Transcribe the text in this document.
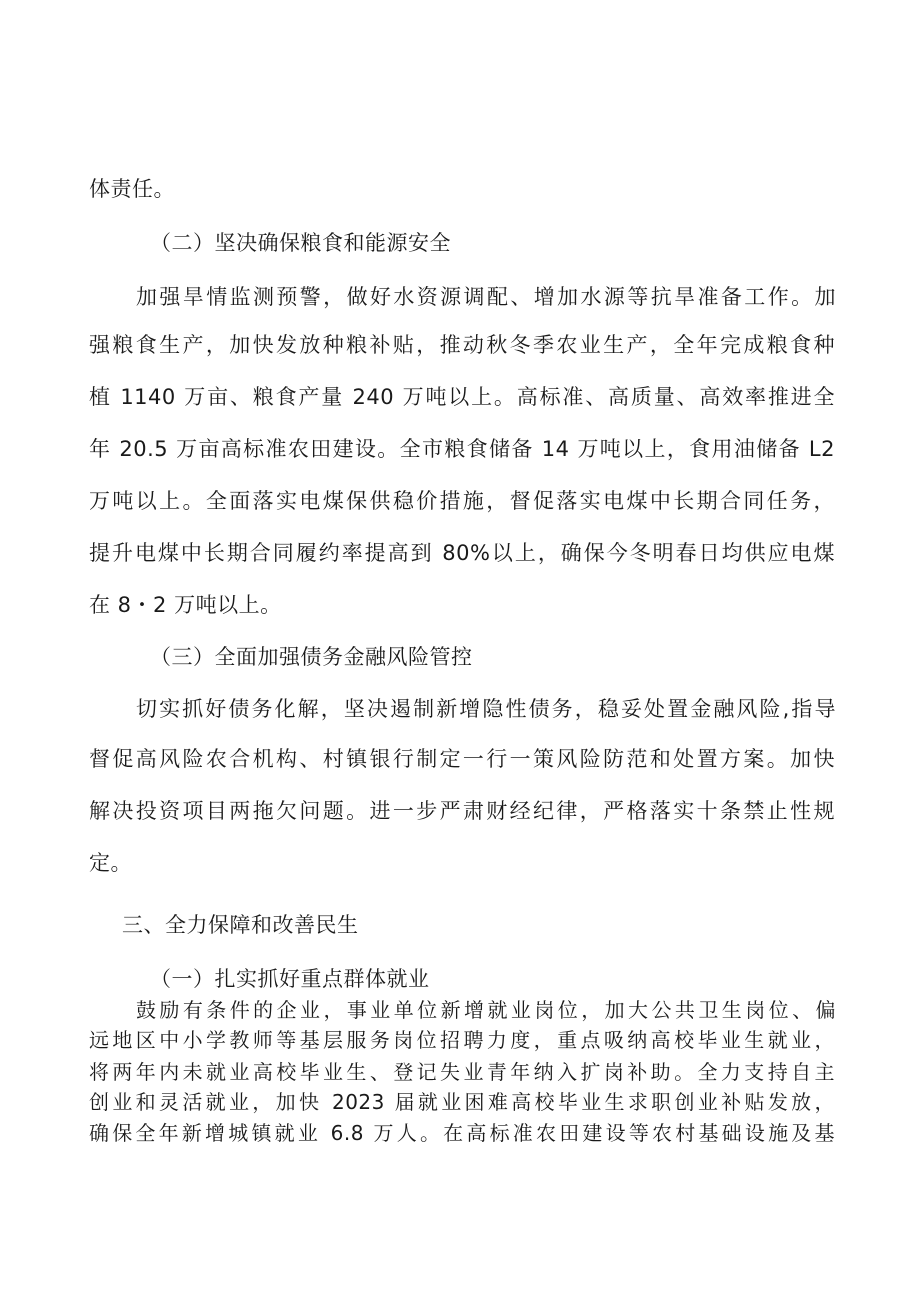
体责任。
（二）坚决确保粮食和能源安全
加强旱情监测预警，做好水资源调配、增加水源等抗旱准备工作。加
强粮食生产，加快发放种粮补贴，推动秋冬季农业生产，全年完成粮食种
植 1140 万亩、粮食产量 240 万吨以上。高标准、高质量、高效率推进全
年 20.5 万亩高标准农田建设。全市粮食储备 14 万吨以上，食用油储备 L2
万吨以上。全面落实电煤保供稳价措施，督促落实电煤中长期合同任务，
提升电煤中长期合同履约率提高到 80%以上，确保今冬明春日均供应电煤
在 8・2 万吨以上。
（三）全面加强债务金融风险管控
切实抓好债务化解，坚决遏制新增隐性债务，稳妥处置金融风险,指导
督促高风险农合机构、村镇银行制定一行一策风险防范和处置方案。加快
解决投资项目两拖欠问题。进一步严肃财经纪律，严格落实十条禁止性规
定。
三、全力保障和改善民生
（一）扎实抓好重点群体就业
鼓励有条件的企业，事业单位新增就业岗位，加大公共卫生岗位、偏
远地区中小学教师等基层服务岗位招聘力度，重点吸纳高校毕业生就业，
将两年内未就业高校毕业生、登记失业青年纳入扩岗补助。全力支持自主
创业和灵活就业，加快 2023 届就业困难高校毕业生求职创业补贴发放，
确保全年新增城镇就业 6.8 万人。在高标准农田建设等农村基础设施及基
